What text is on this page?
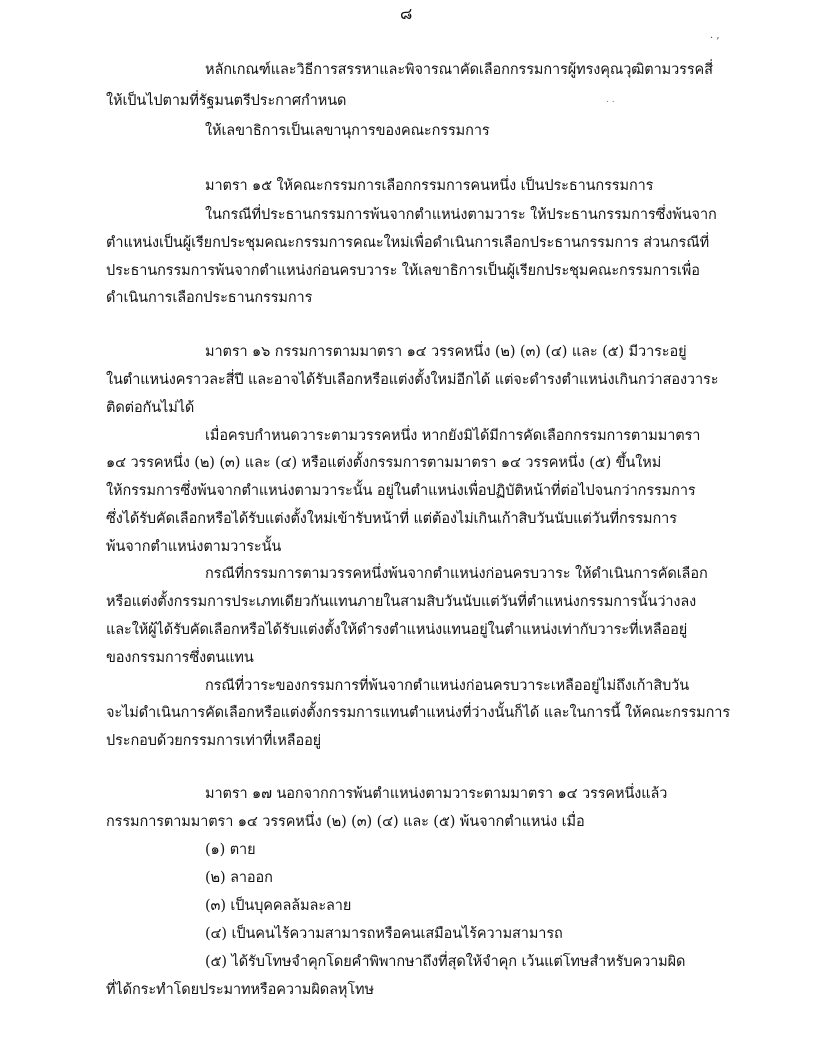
๘
. ,
. .
หลักเกณฑ์และวิธีการสรรหาและพิจารณาคัดเลือกกรรมการผู้ทรงคุณวุฒิตามวรรคสี่
ให้เป็นไปตามที่รัฐมนตรีประกาศกำหนด
ให้เลขาธิการเป็นเลขานุการของคณะกรรมการ
มาตรา ๑๕ ให้คณะกรรมการเลือกกรรมการคนหนึ่ง เป็นประธานกรรมการ
ในกรณีที่ประธานกรรมการพ้นจากตำแหน่งตามวาระ ให้ประธานกรรมการซึ่งพ้นจาก
ตำแหน่งเป็นผู้เรียกประชุมคณะกรรมการคณะใหม่เพื่อดำเนินการเลือกประธานกรรมการ ส่วนกรณีที่
ประธานกรรมการพ้นจากตำแหน่งก่อนครบวาระ ให้เลขาธิการเป็นผู้เรียกประชุมคณะกรรมการเพื่อ
ดำเนินการเลือกประธานกรรมการ
มาตรา ๑๖ กรรมการตามมาตรา ๑๔ วรรคหนึ่ง (๒) (๓) (๔) และ (๕) มีวาระอยู่
ในตำแหน่งคราวละสี่ปี และอาจได้รับเลือกหรือแต่งตั้งใหม่อีกได้ แต่จะดำรงตำแหน่งเกินกว่าสองวาระ
ติดต่อกันไม่ได้
เมื่อครบกำหนดวาระตามวรรคหนึ่ง หากยังมิได้มีการคัดเลือกกรรมการตามมาตรา
๑๔ วรรคหนึ่ง (๒) (๓) และ (๔) หรือแต่งตั้งกรรมการตามมาตรา ๑๔ วรรคหนึ่ง (๕) ขึ้นใหม่
ให้กรรมการซึ่งพ้นจากตำแหน่งตามวาระนั้น อยู่ในตำแหน่งเพื่อปฏิบัติหน้าที่ต่อไปจนกว่ากรรมการ
ซึ่งได้รับคัดเลือกหรือได้รับแต่งตั้งใหม่เข้ารับหน้าที่ แต่ต้องไม่เกินเก้าสิบวันนับแต่วันที่กรรมการ
พ้นจากตำแหน่งตามวาระนั้น
กรณีที่กรรมการตามวรรคหนึ่งพ้นจากตำแหน่งก่อนครบวาระ ให้ดำเนินการคัดเลือก
หรือแต่งตั้งกรรมการประเภทเดียวกันแทนภายในสามสิบวันนับแต่วันที่ตำแหน่งกรรมการนั้นว่างลง
และให้ผู้ได้รับคัดเลือกหรือได้รับแต่งตั้งให้ดำรงตำแหน่งแทนอยู่ในตำแหน่งเท่ากับวาระที่เหลืออยู่
ของกรรมการซึ่งตนแทน
กรณีที่วาระของกรรมการที่พ้นจากตำแหน่งก่อนครบวาระเหลืออยู่ไม่ถึงเก้าสิบวัน
จะไม่ดำเนินการคัดเลือกหรือแต่งตั้งกรรมการแทนตำแหน่งที่ว่างนั้นก็ได้ และในการนี้ ให้คณะกรรมการ
ประกอบด้วยกรรมการเท่าที่เหลืออยู่
มาตรา ๑๗ นอกจากการพ้นตำแหน่งตามวาระตามมาตรา ๑๔ วรรคหนึ่งแล้ว
กรรมการตามมาตรา ๑๔ วรรคหนึ่ง (๒) (๓) (๔) และ (๕) พ้นจากตำแหน่ง เมื่อ
(๑) ตาย
(๒) ลาออก
(๓) เป็นบุคคลล้มละลาย
(๔) เป็นคนไร้ความสามารถหรือคนเสมือนไร้ความสามารถ
(๕) ได้รับโทษจำคุกโดยคำพิพากษาถึงที่สุดให้จำคุก เว้นแต่โทษสำหรับความผิด
ที่ได้กระทำโดยประมาทหรือความผิดลหุโทษ
